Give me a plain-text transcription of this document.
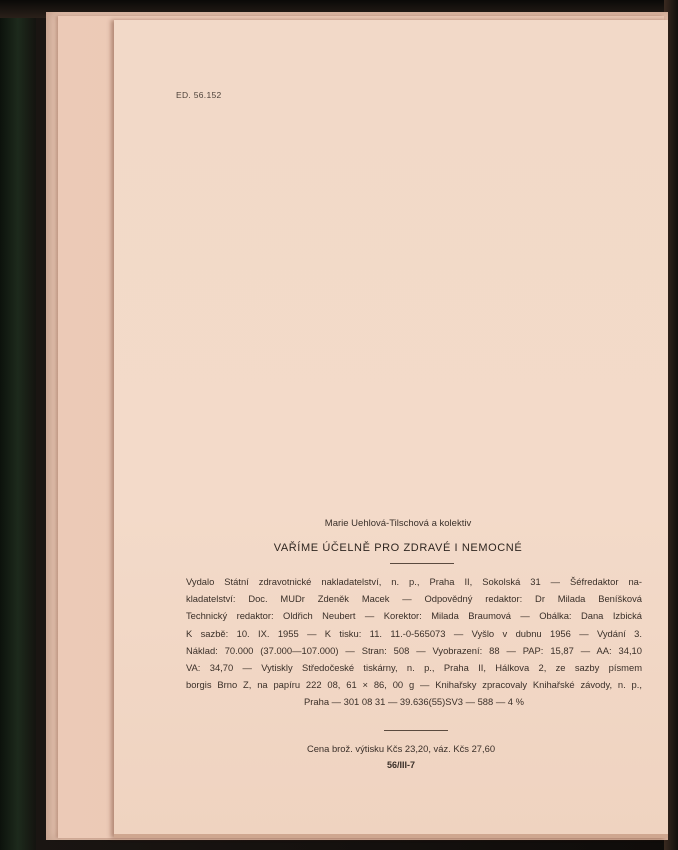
ED. 56.152
Marie Uehlová-Tilschová a kolektiv
VAŘÍME ÚČELNĚ PRO ZDRAVÉ I NEMOCNÉ
Vydalo Státní zdravotnické nakladatelství, n. p., Praha II, Sokolská 31 — Šéfredaktor na-
kladatelství: Doc. MUDr Zdeněk Macek — Odpovědný redaktor: Dr Milada Beníšková
Technický redaktor: Oldřich Neubert — Korektor: Milada Braumová — Obálka: Dana Izbická
K sazbě: 10. IX. 1955 — K tisku: 11. 11.-0-565073 — Vyšlo v dubnu 1956 — Vydání 3.
Náklad: 70.000 (37.000—107.000) — Stran: 508 — Vyobrazení: 88 — PAP: 15,87 — AA: 34,10
VA: 34,70 — Vytiskly Středočeské tiskárny, n. p., Praha II, Hálkova 2, ze sazby písmem
borgis Brno Z, na papíru 222 08, 61 × 86, 00 g — Knihařsky zpracovaly Knihařské závody, n. p.,
Praha — 301 08 31 — 39.636(55)SV3 — 588 — 4 %
Cena brož. výtisku Kčs 23,20, váz. Kčs 27,60
56/III-7
